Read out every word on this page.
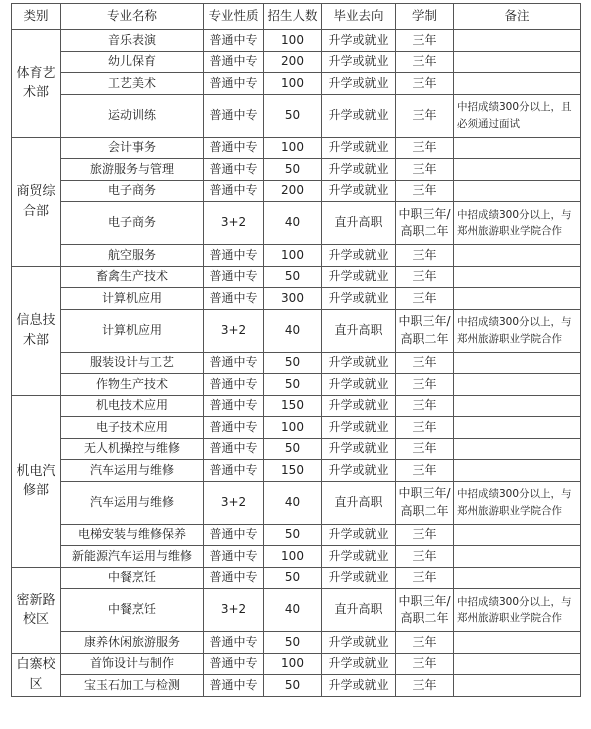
类别	专业名称	专业性质	招生人数	毕业去向	学制	备注
体育艺术部	音乐表演	普通中专	100	升学或就业	三年	
	幼儿保育	普通中专	200	升学或就业	三年	
	工艺美术	普通中专	100	升学或就业	三年	
	运动训练	普通中专	50	升学或就业	三年	中招成绩300分以上，且必须通过面试
商贸综合部	会计事务	普通中专	100	升学或就业	三年	
	旅游服务与管理	普通中专	50	升学或就业	三年	
	电子商务	普通中专	200	升学或就业	三年	
	电子商务	3+2	40	直升高职	中职三年/高职二年	中招成绩300分以上，与郑州旅游职业学院合作
	航空服务	普通中专	100	升学或就业	三年	
信息技术部	畜禽生产技术	普通中专	50	升学或就业	三年	
	计算机应用	普通中专	300	升学或就业	三年	
	计算机应用	3+2	40	直升高职	中职三年/高职二年	中招成绩300分以上，与郑州旅游职业学院合作
	服装设计与工艺	普通中专	50	升学或就业	三年	
	作物生产技术	普通中专	50	升学或就业	三年	
机电汽修部	机电技术应用	普通中专	150	升学或就业	三年	
	电子技术应用	普通中专	100	升学或就业	三年	
	无人机操控与维修	普通中专	50	升学或就业	三年	
	汽车运用与维修	普通中专	150	升学或就业	三年	
	汽车运用与维修	3+2	40	直升高职	中职三年/高职二年	中招成绩300分以上，与郑州旅游职业学院合作
	电梯安装与维修保养	普通中专	50	升学或就业	三年	
	新能源汽车运用与维修	普通中专	100	升学或就业	三年	
密新路校区	中餐烹饪	普通中专	50	升学或就业	三年	
	中餐烹饪	3+2	40	直升高职	中职三年/高职二年	中招成绩300分以上，与郑州旅游职业学院合作
	康养休闲旅游服务	普通中专	50	升学或就业	三年	
白寨校区	首饰设计与制作	普通中专	100	升学或就业	三年	
	宝玉石加工与检测	普通中专	50	升学或就业	三年	
